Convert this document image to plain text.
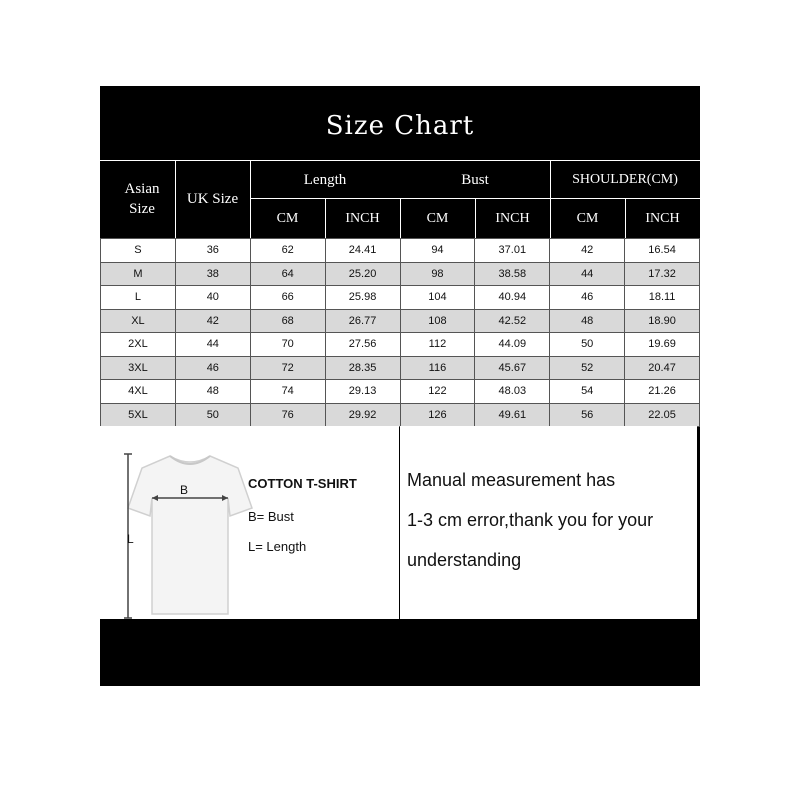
Size Chart
Asian Size
UK Size
Length	Bust	SHOULDER(CM)
CM	INCH	CM	INCH	CM	INCH
S	36	62	24.41	94	37.01	42	16.54
M	38	64	25.20	98	38.58	44	17.32
L	40	66	25.98	104	40.94	46	18.11
XL	42	68	26.77	108	42.52	48	18.90
2XL	44	70	27.56	112	44.09	50	19.69
3XL	46	72	28.35	116	45.67	52	20.47
4XL	48	74	29.13	122	48.03	54	21.26
5XL	50	76	29.92	126	49.61	56	22.05
B
L
COTTON T-SHIRT
B= Bust
L= Length
Manual measurement has
1-3 cm error,thank you for your
understanding
